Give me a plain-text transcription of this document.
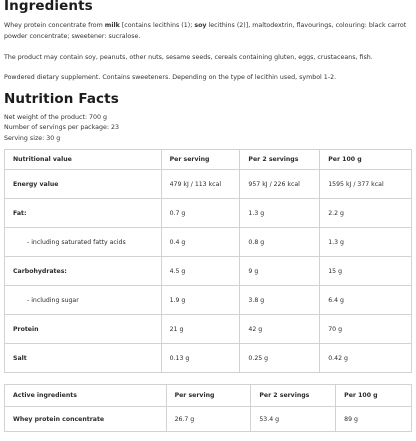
Ingredients
Whey protein concentrate from milk [contains lecithins (1); soy lecithins (2)], maltodextrin, flavourings, colouring: black carrot powder concentrate; sweetener: sucralose.
The product may contain soy, peanuts, other nuts, sesame seeds, cereals containing gluten, eggs, crustaceans, fish.
Powdered dietary supplement. Contains sweeteners. Depending on the type of lecithin used, symbol 1-2.
Nutrition Facts
Net weight of the product: 700 g
Number of servings per package: 23
Serving size: 30 g
Nutritional value	Per serving	Per 2 servings	Per 100 g
Energy value	479 kJ / 113 kcal	957 kJ / 226 kcal	1595 kJ / 377 kcal
Fat:	0.7 g	1.3 g	2.2 g
- including saturated fatty acids	0.4 g	0.8 g	1.3 g
Carbohydrates:	4.5 g	9 g	15 g
- including sugar	1.9 g	3.8 g	6.4 g
Protein	21 g	42 g	70 g
Salt	0.13 g	0.25 g	0.42 g
Active ingredients	Per serving	Per 2 servings	Per 100 g
Whey protein concentrate	26.7 g	53.4 g	89 g
